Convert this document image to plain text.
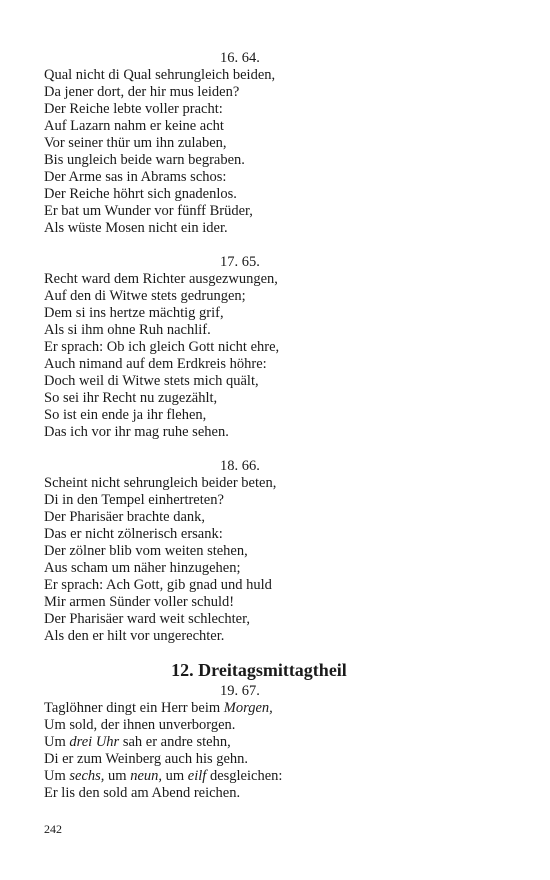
16. 64.
Qual nicht di Qual sehrungleich beiden,
Da jener dort, der hir mus leiden?
Der Reiche lebte voller pracht:
Auf Lazarn nahm er keine acht
Vor seiner thür um ihn zulaben,
Bis ungleich beide warn begraben.
Der Arme sas in Abrams schos:
Der Reiche höhrt sich gnadenlos.
Er bat um Wunder vor fünff Brüder,
Als wüste Mosen nicht ein ider.
17. 65.
Recht ward dem Richter ausgezwungen,
Auf den di Witwe stets gedrungen;
Dem si ins hertze mächtig grif,
Als si ihm ohne Ruh nachlif.
Er sprach: Ob ich gleich Gott nicht ehre,
Auch nimand auf dem Erdkreis höhre:
Doch weil di Witwe stets mich quält,
So sei ihr Recht nu zugezählt,
So ist ein ende ja ihr flehen,
Das ich vor ihr mag ruhe sehen.
18. 66.
Scheint nicht sehrungleich beider beten,
Di in den Tempel einhertreten?
Der Pharisäer brachte dank,
Das er nicht zölnerisch ersank:
Der zölner blib vom weiten stehen,
Aus scham um näher hinzugehen;
Er sprach: Ach Gott, gib gnad und huld
Mir armen Sünder voller schuld!
Der Pharisäer ward weit schlechter,
Als den er hilt vor ungerechter.
12. Dreitagsmittagtheil
19. 67.
Taglöhner dingt ein Herr beim Morgen,
Um sold, der ihnen unverborgen.
Um drei Uhr sah er andre stehn,
Di er zum Weinberg auch his gehn.
Um sechs, um neun, um eilf desgleichen:
Er lis den sold am Abend reichen.
242
